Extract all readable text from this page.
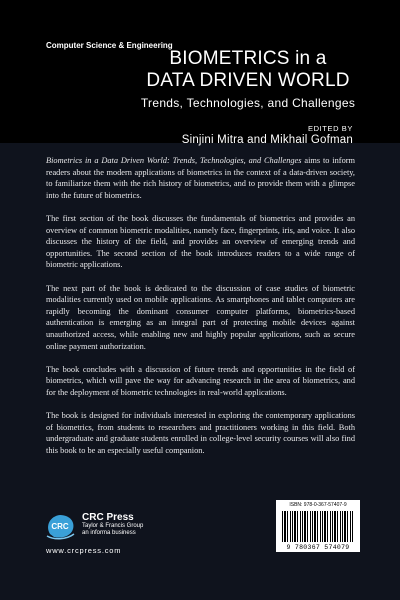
Computer Science & Engineering
BIOMETRICS in a
DATA DRIVEN WORLD
Trends, Technologies, and Challenges
EDITED BY
Sinjini Mitra and Mikhail Gofman

Biometrics in a Data Driven World: Trends, Technologies, and Challenges aims to inform readers about the modern applications of biometrics in the context of a data-driven society, to familiarize them with the rich history of biometrics, and to provide them with a glimpse into the future of biometrics.

The first section of the book discusses the fundamentals of biometrics and provides an overview of common biometric modalities, namely face, fingerprints, iris, and voice. It also discusses the history of the field, and provides an overview of emerging trends and opportunities. The second section of the book introduces readers to a wide range of biometric applications.

The next part of the book is dedicated to the discussion of case studies of biometric modalities currently used on mobile applications. As smartphones and tablet computers are rapidly becoming the dominant consumer computer platforms, biometrics-based authentication is emerging as an integral part of protecting mobile devices against unauthorized access, while enabling new and highly popular applications, such as secure online payment authorization.

The book concludes with a discussion of future trends and opportunities in the field of biometrics, which will pave the way for advancing research in the area of biometrics, and for the deployment of biometric technologies in real-world applications.

The book is designed for individuals interested in exploring the contemporary applications of biometrics, from students to researchers and practitioners working in this field. Both undergraduate and graduate students enrolled in college-level security courses will also find this book to be an especially useful companion.

CRC
CRC Press
Taylor & Francis Group
an informa business
www.crcpress.com
ISBN: 978-0-367-57407-9
9 780367 574079
